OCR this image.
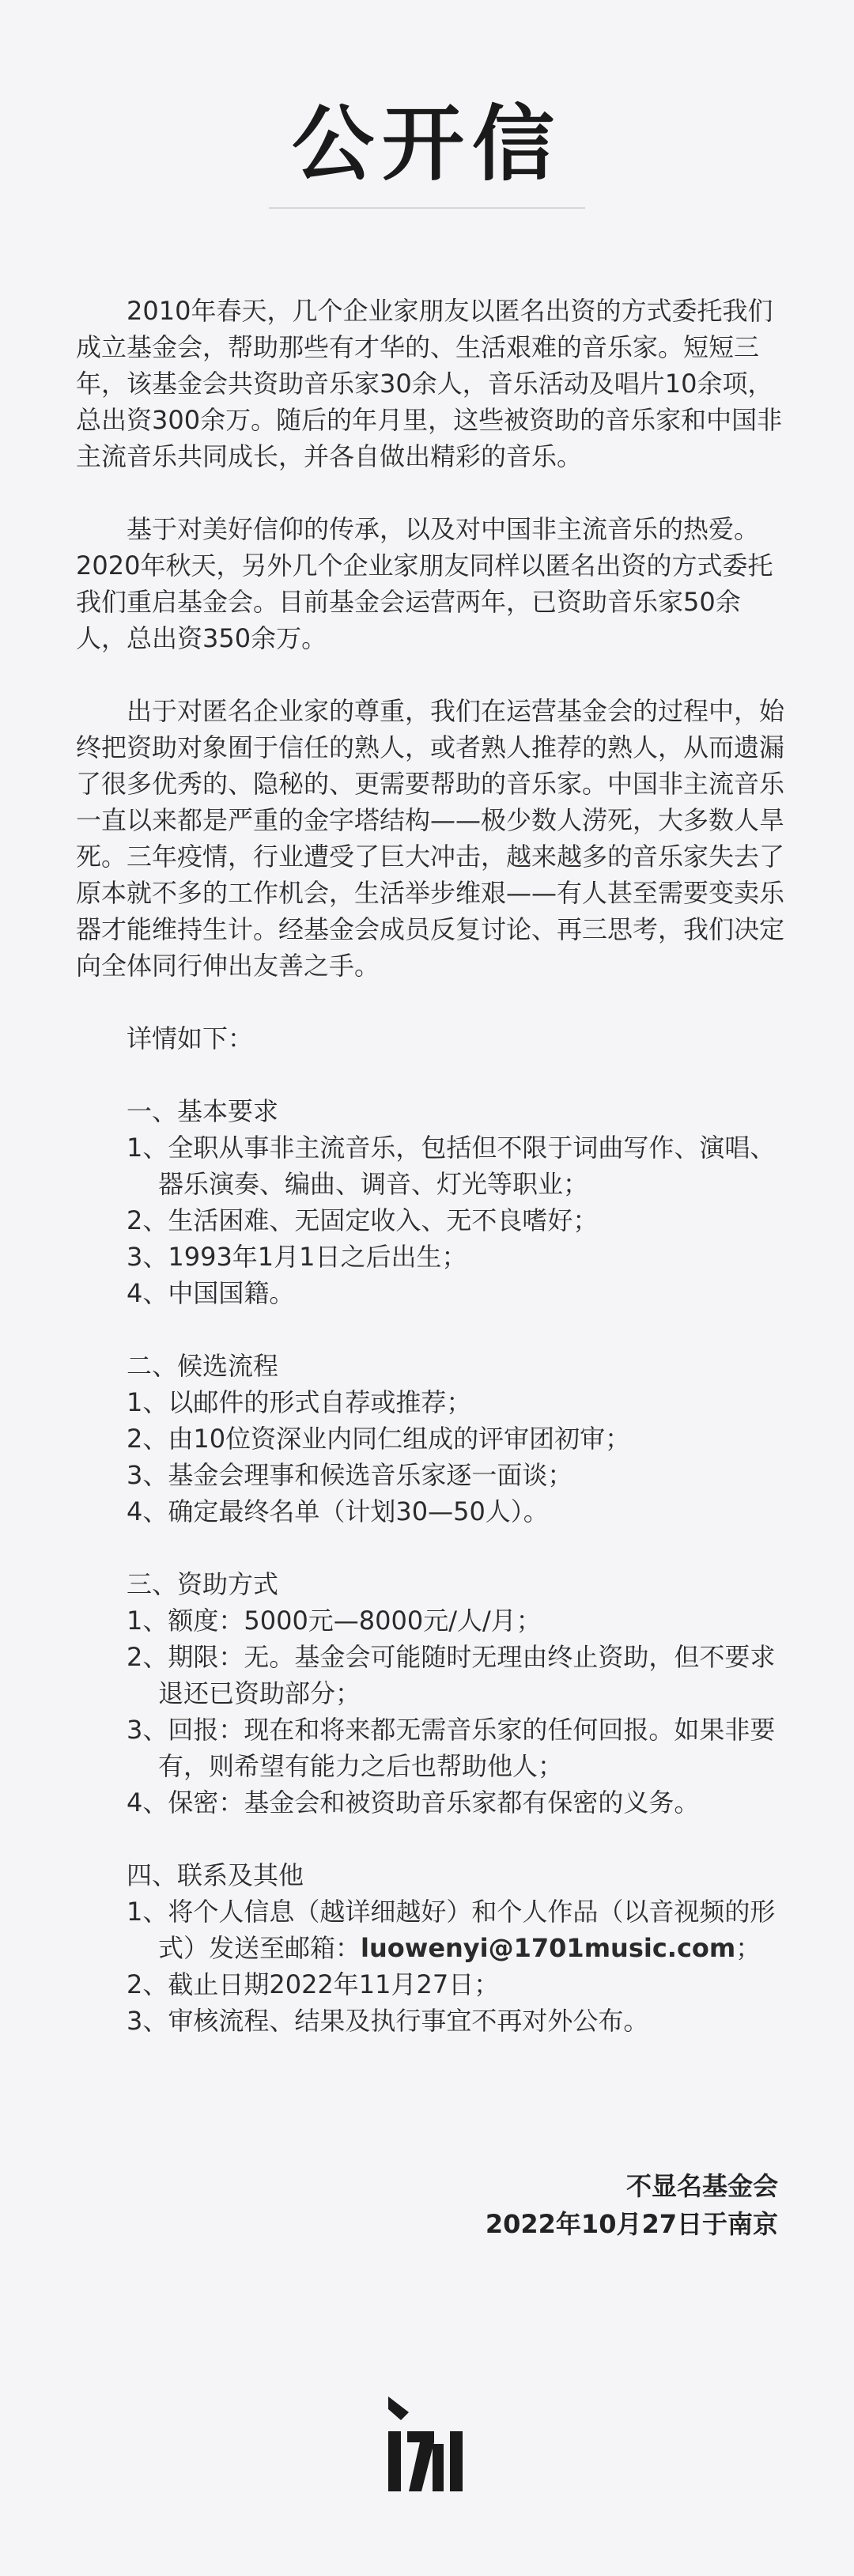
公开信

2010年春天，几个企业家朋友以匿名出资的方式委托我们成立基金会，帮助那些有才华的、生活艰难的音乐家。短短三年，该基金会共资助音乐家30余人，音乐活动及唱片10余项，总出资300余万。随后的年月里，这些被资助的音乐家和中国非主流音乐共同成长，并各自做出精彩的音乐。

基于对美好信仰的传承，以及对中国非主流音乐的热爱。2020年秋天，另外几个企业家朋友同样以匿名出资的方式委托我们重启基金会。目前基金会运营两年，已资助音乐家50余人，总出资350余万。

出于对匿名企业家的尊重，我们在运营基金会的过程中，始终把资助对象囿于信任的熟人，或者熟人推荐的熟人，从而遗漏了很多优秀的、隐秘的、更需要帮助的音乐家。中国非主流音乐一直以来都是严重的金字塔结构——极少数人涝死，大多数人旱死。三年疫情，行业遭受了巨大冲击，越来越多的音乐家失去了原本就不多的工作机会，生活举步维艰——有人甚至需要变卖乐器才能维持生计。经基金会成员反复讨论、再三思考，我们决定向全体同行伸出友善之手。

详情如下：

一、基本要求

1、全职从事非主流音乐，包括但不限于词曲写作、演唱、器乐演奏、编曲、调音、灯光等职业；

2、生活困难、无固定收入、无不良嗜好；

3、1993年1月1日之后出生；

4、中国国籍。

二、候选流程

1、以邮件的形式自荐或推荐；

2、由10位资深业内同仁组成的评审团初审；

3、基金会理事和候选音乐家逐一面谈；

4、确定最终名单（计划30—50人）。

三、资助方式

1、额度：5000元—8000元/人/月；

2、期限：无。基金会可能随时无理由终止资助，但不要求退还已资助部分；

3、回报：现在和将来都无需音乐家的任何回报。如果非要有，则希望有能力之后也帮助他人；

4、保密：基金会和被资助音乐家都有保密的义务。

四、联系及其他

1、将个人信息（越详细越好）和个人作品（以音视频的形式）发送至邮箱：luowenyi@1701music.com；

2、截止日期2022年11月27日；

3、审核流程、结果及执行事宜不再对外公布。

不显名基金会
2022年10月27日于南京
